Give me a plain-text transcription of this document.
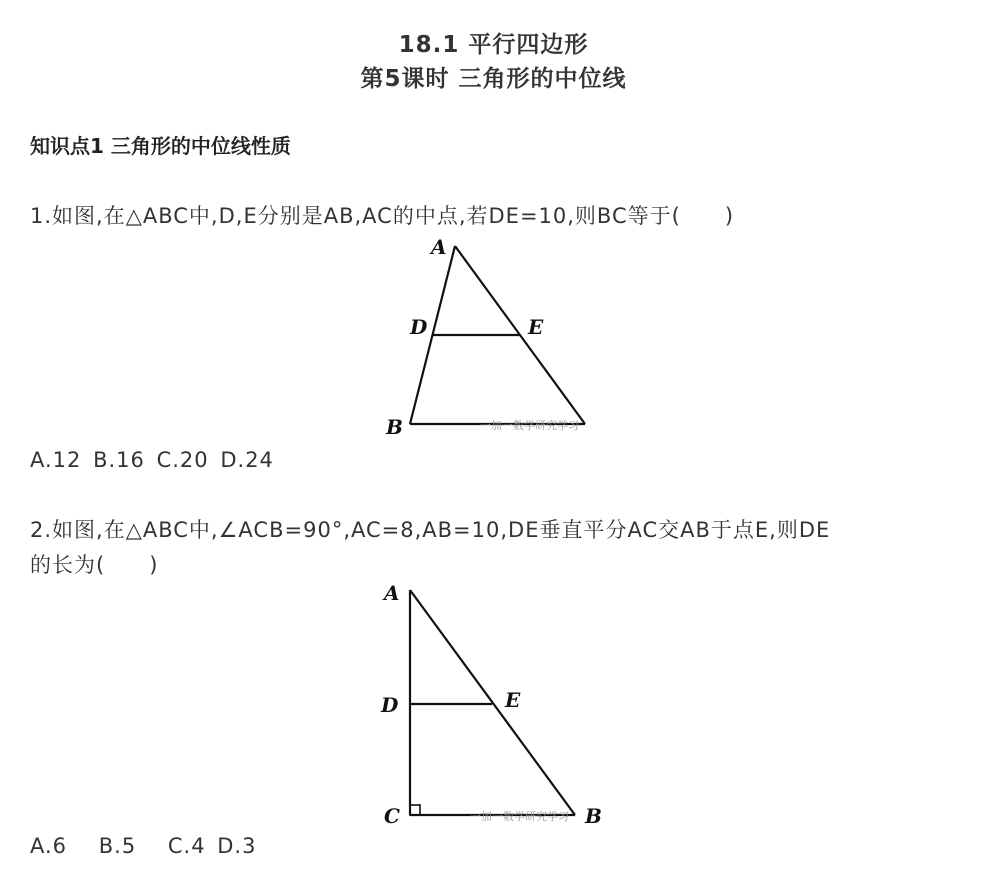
18.1 平行四边形
第5课时 三角形的中位线
知识点1 三角形的中位线性质
1.如图,在△ABC中,D,E分别是AB,AC的中点,若DE=10,则BC等于(　　)
A
D	E
B	一加一数学研究学习
A.12 B.16 C.20 D.24
2.如图,在△ABC中,∠ACB=90°,AC=8,AB=10,DE垂直平分AC交AB于点E,则DE
的长为(　　)
A
D	E
C	B
一加一数学研究学习
A.6 B.5 C.4 D.3
